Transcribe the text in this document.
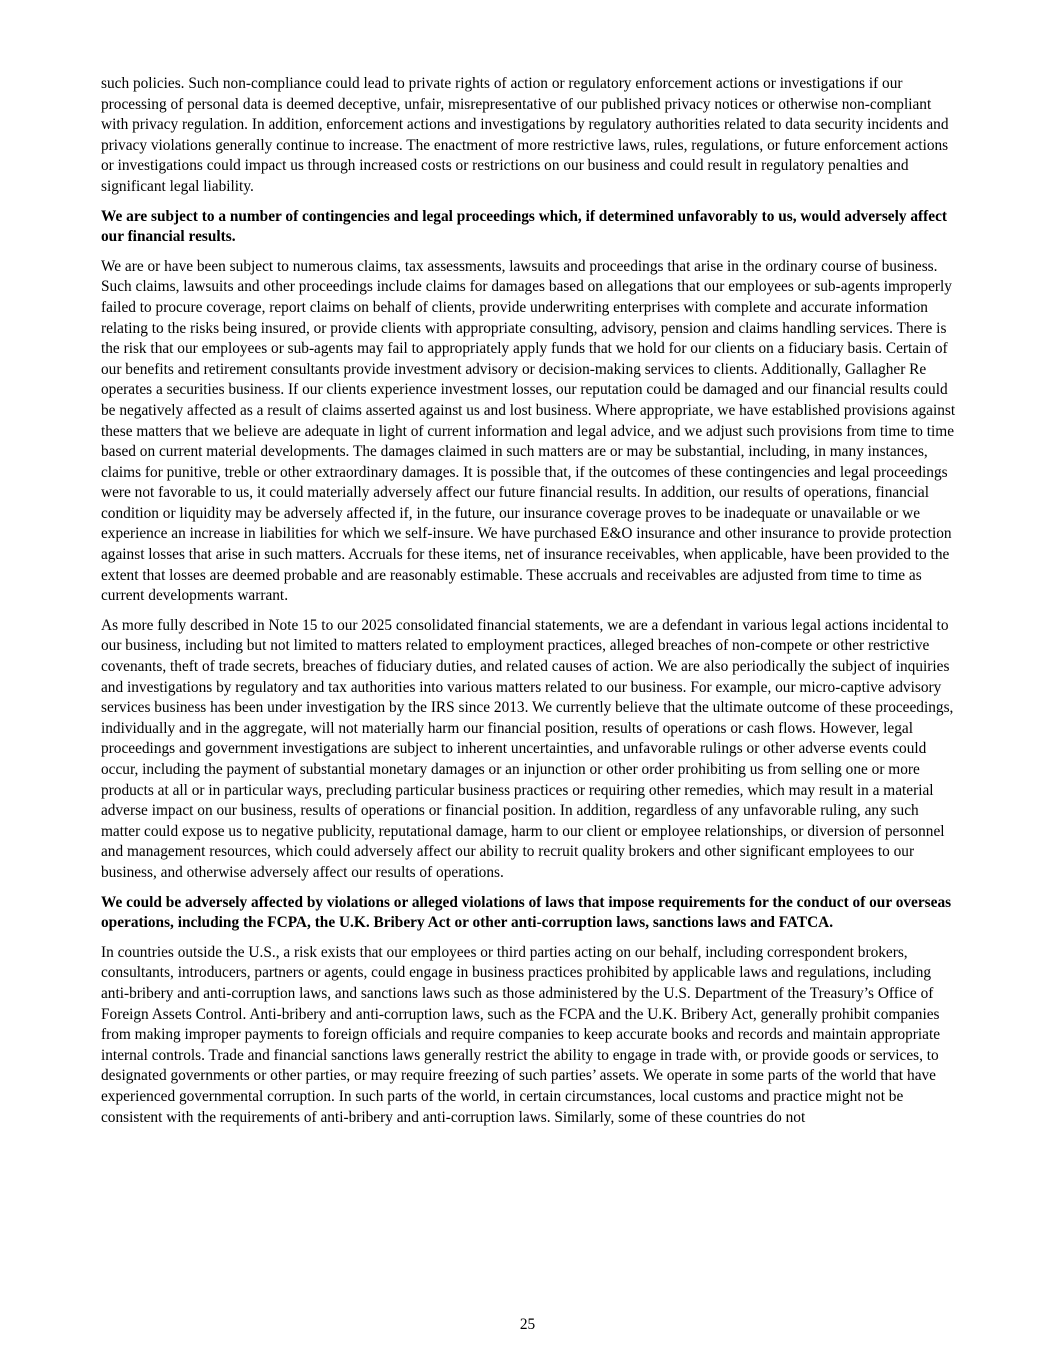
such policies. Such non-compliance could lead to private rights of action or regulatory enforcement actions or investigations if our processing of personal data is deemed deceptive, unfair, misrepresentative of our published privacy notices or otherwise non-compliant with privacy regulation. In addition, enforcement actions and investigations by regulatory authorities related to data security incidents and privacy violations generally continue to increase. The enactment of more restrictive laws, rules, regulations, or future enforcement actions or investigations could impact us through increased costs or restrictions on our business and could result in regulatory penalties and significant legal liability.

We are subject to a number of contingencies and legal proceedings which, if determined unfavorably to us, would adversely affect our financial results.

We are or have been subject to numerous claims, tax assessments, lawsuits and proceedings that arise in the ordinary course of business. Such claims, lawsuits and other proceedings include claims for damages based on allegations that our employees or sub-agents improperly failed to procure coverage, report claims on behalf of clients, provide underwriting enterprises with complete and accurate information relating to the risks being insured, or provide clients with appropriate consulting, advisory, pension and claims handling services. There is the risk that our employees or sub-agents may fail to appropriately apply funds that we hold for our clients on a fiduciary basis. Certain of our benefits and retirement consultants provide investment advisory or decision-making services to clients. Additionally, Gallagher Re operates a securities business. If our clients experience investment losses, our reputation could be damaged and our financial results could be negatively affected as a result of claims asserted against us and lost business. Where appropriate, we have established provisions against these matters that we believe are adequate in light of current information and legal advice, and we adjust such provisions from time to time based on current material developments. The damages claimed in such matters are or may be substantial, including, in many instances, claims for punitive, treble or other extraordinary damages. It is possible that, if the outcomes of these contingencies and legal proceedings were not favorable to us, it could materially adversely affect our future financial results. In addition, our results of operations, financial condition or liquidity may be adversely affected if, in the future, our insurance coverage proves to be inadequate or unavailable or we experience an increase in liabilities for which we self-insure. We have purchased E&O insurance and other insurance to provide protection against losses that arise in such matters. Accruals for these items, net of insurance receivables, when applicable, have been provided to the extent that losses are deemed probable and are reasonably estimable. These accruals and receivables are adjusted from time to time as current developments warrant.

As more fully described in Note 15 to our 2025 consolidated financial statements, we are a defendant in various legal actions incidental to our business, including but not limited to matters related to employment practices, alleged breaches of non-compete or other restrictive covenants, theft of trade secrets, breaches of fiduciary duties, and related causes of action. We are also periodically the subject of inquiries and investigations by regulatory and tax authorities into various matters related to our business. For example, our micro-captive advisory services business has been under investigation by the IRS since 2013. We currently believe that the ultimate outcome of these proceedings, individually and in the aggregate, will not materially harm our financial position, results of operations or cash flows. However, legal proceedings and government investigations are subject to inherent uncertainties, and unfavorable rulings or other adverse events could occur, including the payment of substantial monetary damages or an injunction or other order prohibiting us from selling one or more products at all or in particular ways, precluding particular business practices or requiring other remedies, which may result in a material adverse impact on our business, results of operations or financial position. In addition, regardless of any unfavorable ruling, any such matter could expose us to negative publicity, reputational damage, harm to our client or employee relationships, or diversion of personnel and management resources, which could adversely affect our ability to recruit quality brokers and other significant employees to our business, and otherwise adversely affect our results of operations.

We could be adversely affected by violations or alleged violations of laws that impose requirements for the conduct of our overseas operations, including the FCPA, the U.K. Bribery Act or other anti-corruption laws, sanctions laws and FATCA.

In countries outside the U.S., a risk exists that our employees or third parties acting on our behalf, including correspondent brokers, consultants, introducers, partners or agents, could engage in business practices prohibited by applicable laws and regulations, including anti-bribery and anti-corruption laws, and sanctions laws such as those administered by the U.S. Department of the Treasury’s Office of Foreign Assets Control. Anti-bribery and anti-corruption laws, such as the FCPA and the U.K. Bribery Act, generally prohibit companies from making improper payments to foreign officials and require companies to keep accurate books and records and maintain appropriate internal controls. Trade and financial sanctions laws generally restrict the ability to engage in trade with, or provide goods or services, to designated governments or other parties, or may require freezing of such parties’ assets. We operate in some parts of the world that have experienced governmental corruption. In such parts of the world, in certain circumstances, local customs and practice might not be consistent with the requirements of anti-bribery and anti-corruption laws. Similarly, some of these countries do not

25
